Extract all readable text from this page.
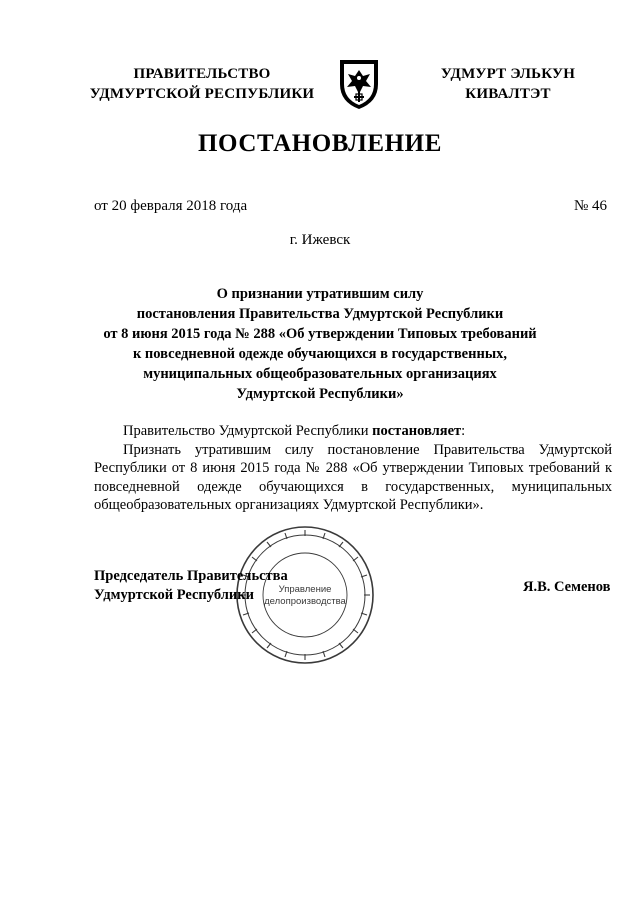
ПРАВИТЕЛЬСТВО
УДМУРТСКОЙ РЕСПУБЛИКИ
УДМУРТ ЭЛЬКУН
КИВАЛТЭТ
ПОСТАНОВЛЕНИЕ
от 20 февраля 2018 года	№ 46
г. Ижевск
О признании утратившим силу
постановления Правительства Удмуртской Республики
от 8 июня 2015 года № 288 «Об утверждении Типовых требований
к повседневной одежде обучающихся в государственных,
муниципальных общеобразовательных организациях
Удмуртской Республики»

Правительство Удмуртской Республики постановляет:

Признать утратившим силу постановление Правительства Удмуртской Республики от 8 июня 2015 года № 288 «Об утверждении Типовых требований к повседневной одежде обучающихся в государственных, муниципальных общеобразовательных организациях Удмуртской Республики».

Управление
делопроизводства
Председатель Правительства
Удмуртской Республики	Я.В. Семенов
